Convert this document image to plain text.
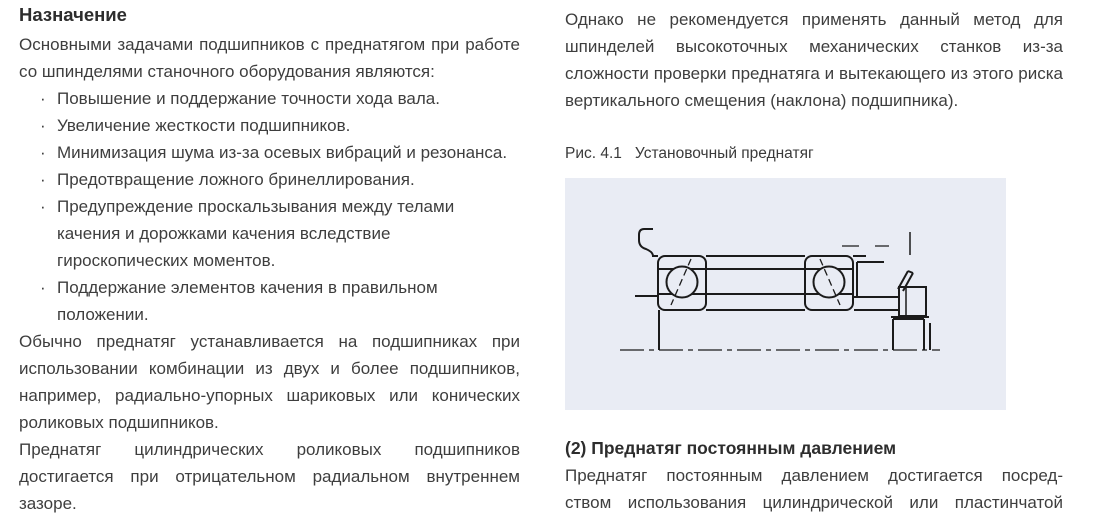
Назначение

Основными задачами подшипников с преднатягом при работе со шпинделями станочного оборудования являются:

· Повышение и поддержание точности хода вала.
· Увеличение жесткости подшипников.
· Минимизация шума из-за осевых вибраций и резонанса.
· Предотвращение ложного бринеллирования.
· Предупреждение проскальзывания между телами качения и дорожками качения вследствие гироскопических моментов.
· Поддержание элементов качения в правильном положении.

Обычно преднатяг устанавливается на подшипниках при использовании комбинации из двух и более подшипников, например, радиально-упорных шариковых или конических роликовых подшипников.

Преднатяг цилиндрических роликовых подшипников достигается при отрицательном радиальном внутреннем зазоре.

Однако не рекомендуется применять данный метод для шпинделей высокоточных механических станков из-за сложности проверки преднатяга и вытекающего из этого риска вертикального смещения (наклона) подшипника).

Рис. 4.1 Установочный преднатяг
(2) Преднатяг постоянным давлением
Преднатяг постоянным давлением достигается посред-
ством использования цилиндрической или пластинчатой
